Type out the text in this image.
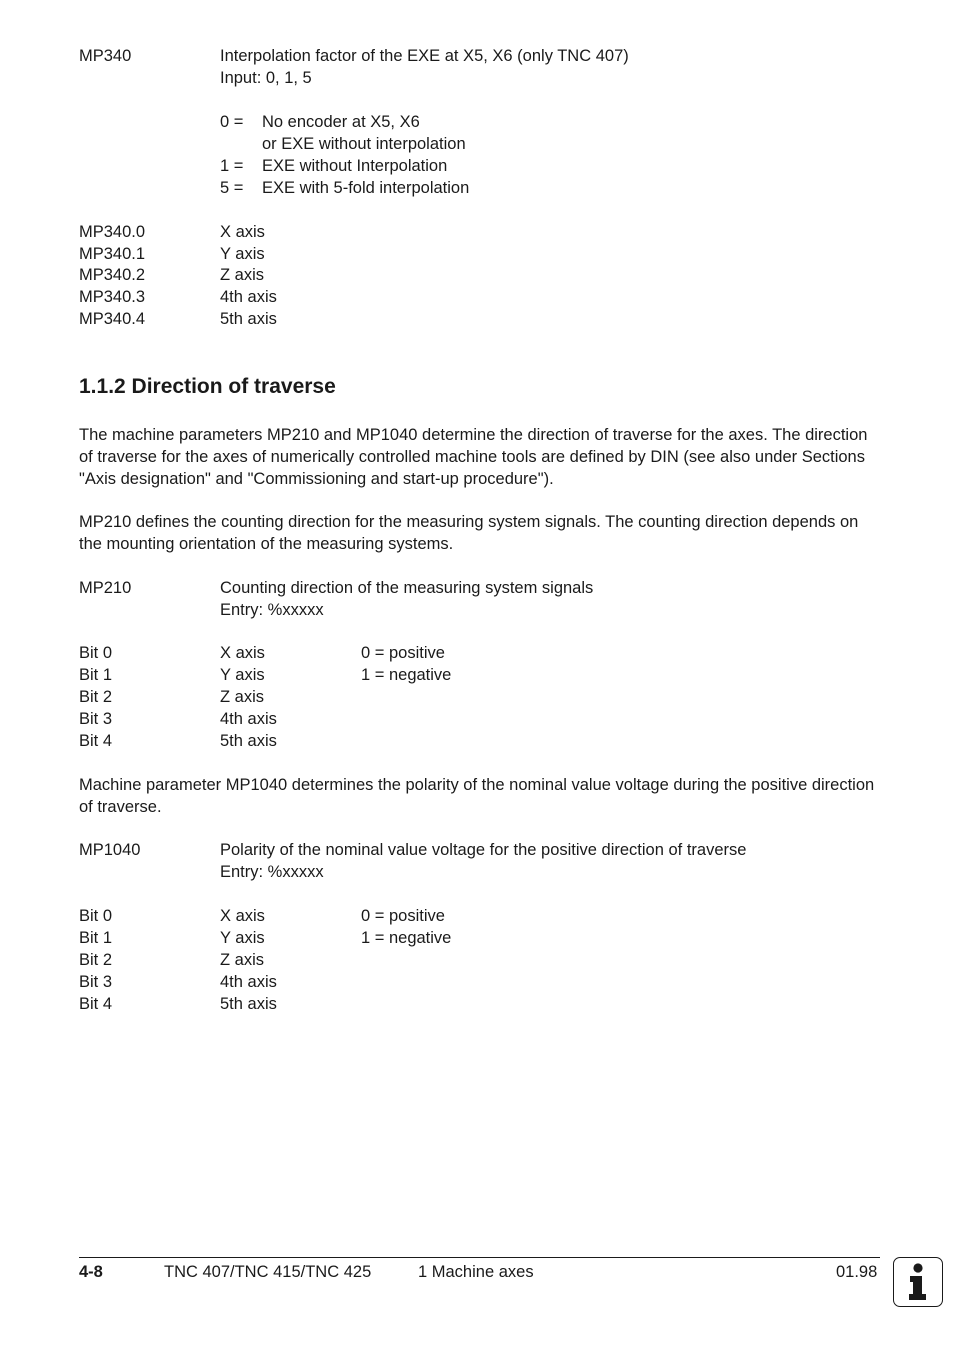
MP340	Interpolation factor of the EXE at X5, X6 (only TNC 407)
Input: 0, 1, 5
0 = No encoder at X5, X6
or EXE without interpolation
1 = EXE without Interpolation
5 = EXE with 5-fold interpolation
MP340.0	X axis
MP340.1	Y axis
MP340.2	Z axis
MP340.3	4th axis
MP340.4	5th axis
1.1.2 Direction of traverse
The machine parameters MP210 and MP1040 determine the direction of traverse for the axes. The direction of traverse for the axes of numerically controlled machine tools are defined by DIN (see also under Sections "Axis designation" and "Commissioning and start-up procedure").
MP210 defines the counting direction for the measuring system signals. The counting direction depends on the mounting orientation of the measuring systems.
MP210	Counting direction of the measuring system signals
Entry: %xxxxx
Bit 0	X axis	0 = positive
Bit 1	Y axis	1 = negative
Bit 2	Z axis
Bit 3	4th axis
Bit 4	5th axis
Machine parameter MP1040 determines the polarity of the nominal value voltage during the positive direction of traverse.
MP1040	Polarity of the nominal value voltage for the positive direction of traverse
Entry: %xxxxx
Bit 0	X axis	0 = positive
Bit 1	Y axis	1 = negative
Bit 2	Z axis
Bit 3	4th axis
Bit 4	5th axis
4-8	TNC 407/TNC 415/TNC 425	1 Machine axes	01.98
